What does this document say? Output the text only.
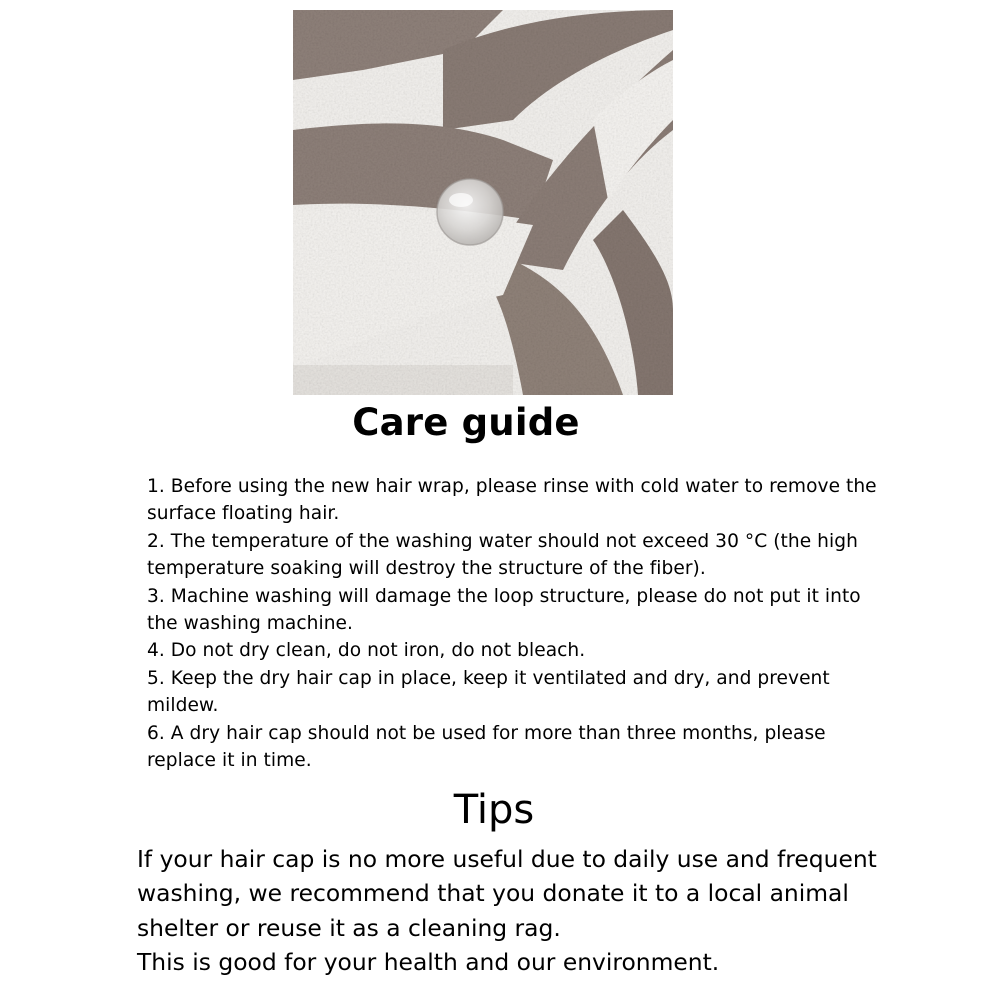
Care guide
1. Before using the new hair wrap, please rinse with cold water to remove the surface floating hair.
2. The temperature of the washing water should not exceed 30 °C (the high temperature soaking will destroy the structure of the fiber).
3. Machine washing will damage the loop structure, please do not put it into the washing machine.
4. Do not dry clean, do not iron, do not bleach.
5. Keep the dry hair cap in place, keep it ventilated and dry, and prevent mildew.
6. A dry hair cap should not be used for more than three months, please replace it in time.
Tips

If your hair cap is no more useful due to daily use and frequent washing, we recommend that you donate it to a local animal shelter or reuse it as a cleaning rag.
This is good for your health and our environment.
